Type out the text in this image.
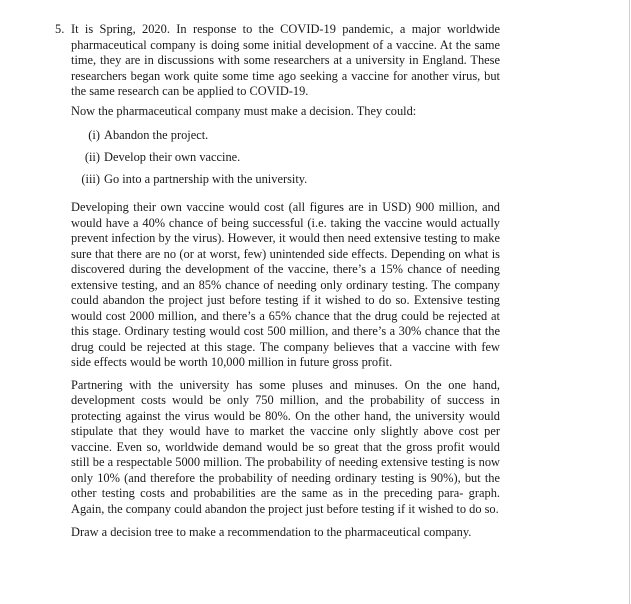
5. It is Spring, 2020. In response to the COVID-19 pandemic, a major worldwide pharmaceutical company is doing some initial development of a vaccine. At the same time, they are in discussions with some researchers at a university in England. These researchers began work quite some time ago seeking a vaccine for another virus, but the same research can be applied to COVID-19.

Now the pharmaceutical company must make a decision. They could:

(i) Abandon the project.
(ii) Develop their own vaccine.
(iii) Go into a partnership with the university.

Developing their own vaccine would cost (all figures are in USD) 900 million, and would have a 40% chance of being successful (i.e. taking the vaccine would actually prevent infection by the virus). However, it would then need extensive testing to make sure that there are no (or at worst, few) unintended side effects. Depending on what is discovered during the development of the vaccine, there’s a 15% chance of needing extensive testing, and an 85% chance of needing only ordinary testing. The company could abandon the project just before testing if it wished to do so. Extensive testing would cost 2000 million, and there’s a 65% chance that the drug could be rejected at this stage. Ordinary testing would cost 500 million, and there’s a 30% chance that the drug could be rejected at this stage. The company believes that a vaccine with few side effects would be worth 10,000 million in future gross profit.

Partnering with the university has some pluses and minuses. On the one hand, development costs would be only 750 million, and the probability of success in protecting against the virus would be 80%. On the other hand, the university would stipulate that they would have to market the vaccine only slightly above cost per vaccine. Even so, worldwide demand would be so great that the gross profit would still be a respectable 5000 million. The probability of needing extensive testing is now only 10% (and therefore the probability of needing ordinary testing is 90%), but the other testing costs and probabilities are the same as in the preceding para- graph. Again, the company could abandon the project just before testing if it wished to do so.

Draw a decision tree to make a recommendation to the pharmaceutical company.
